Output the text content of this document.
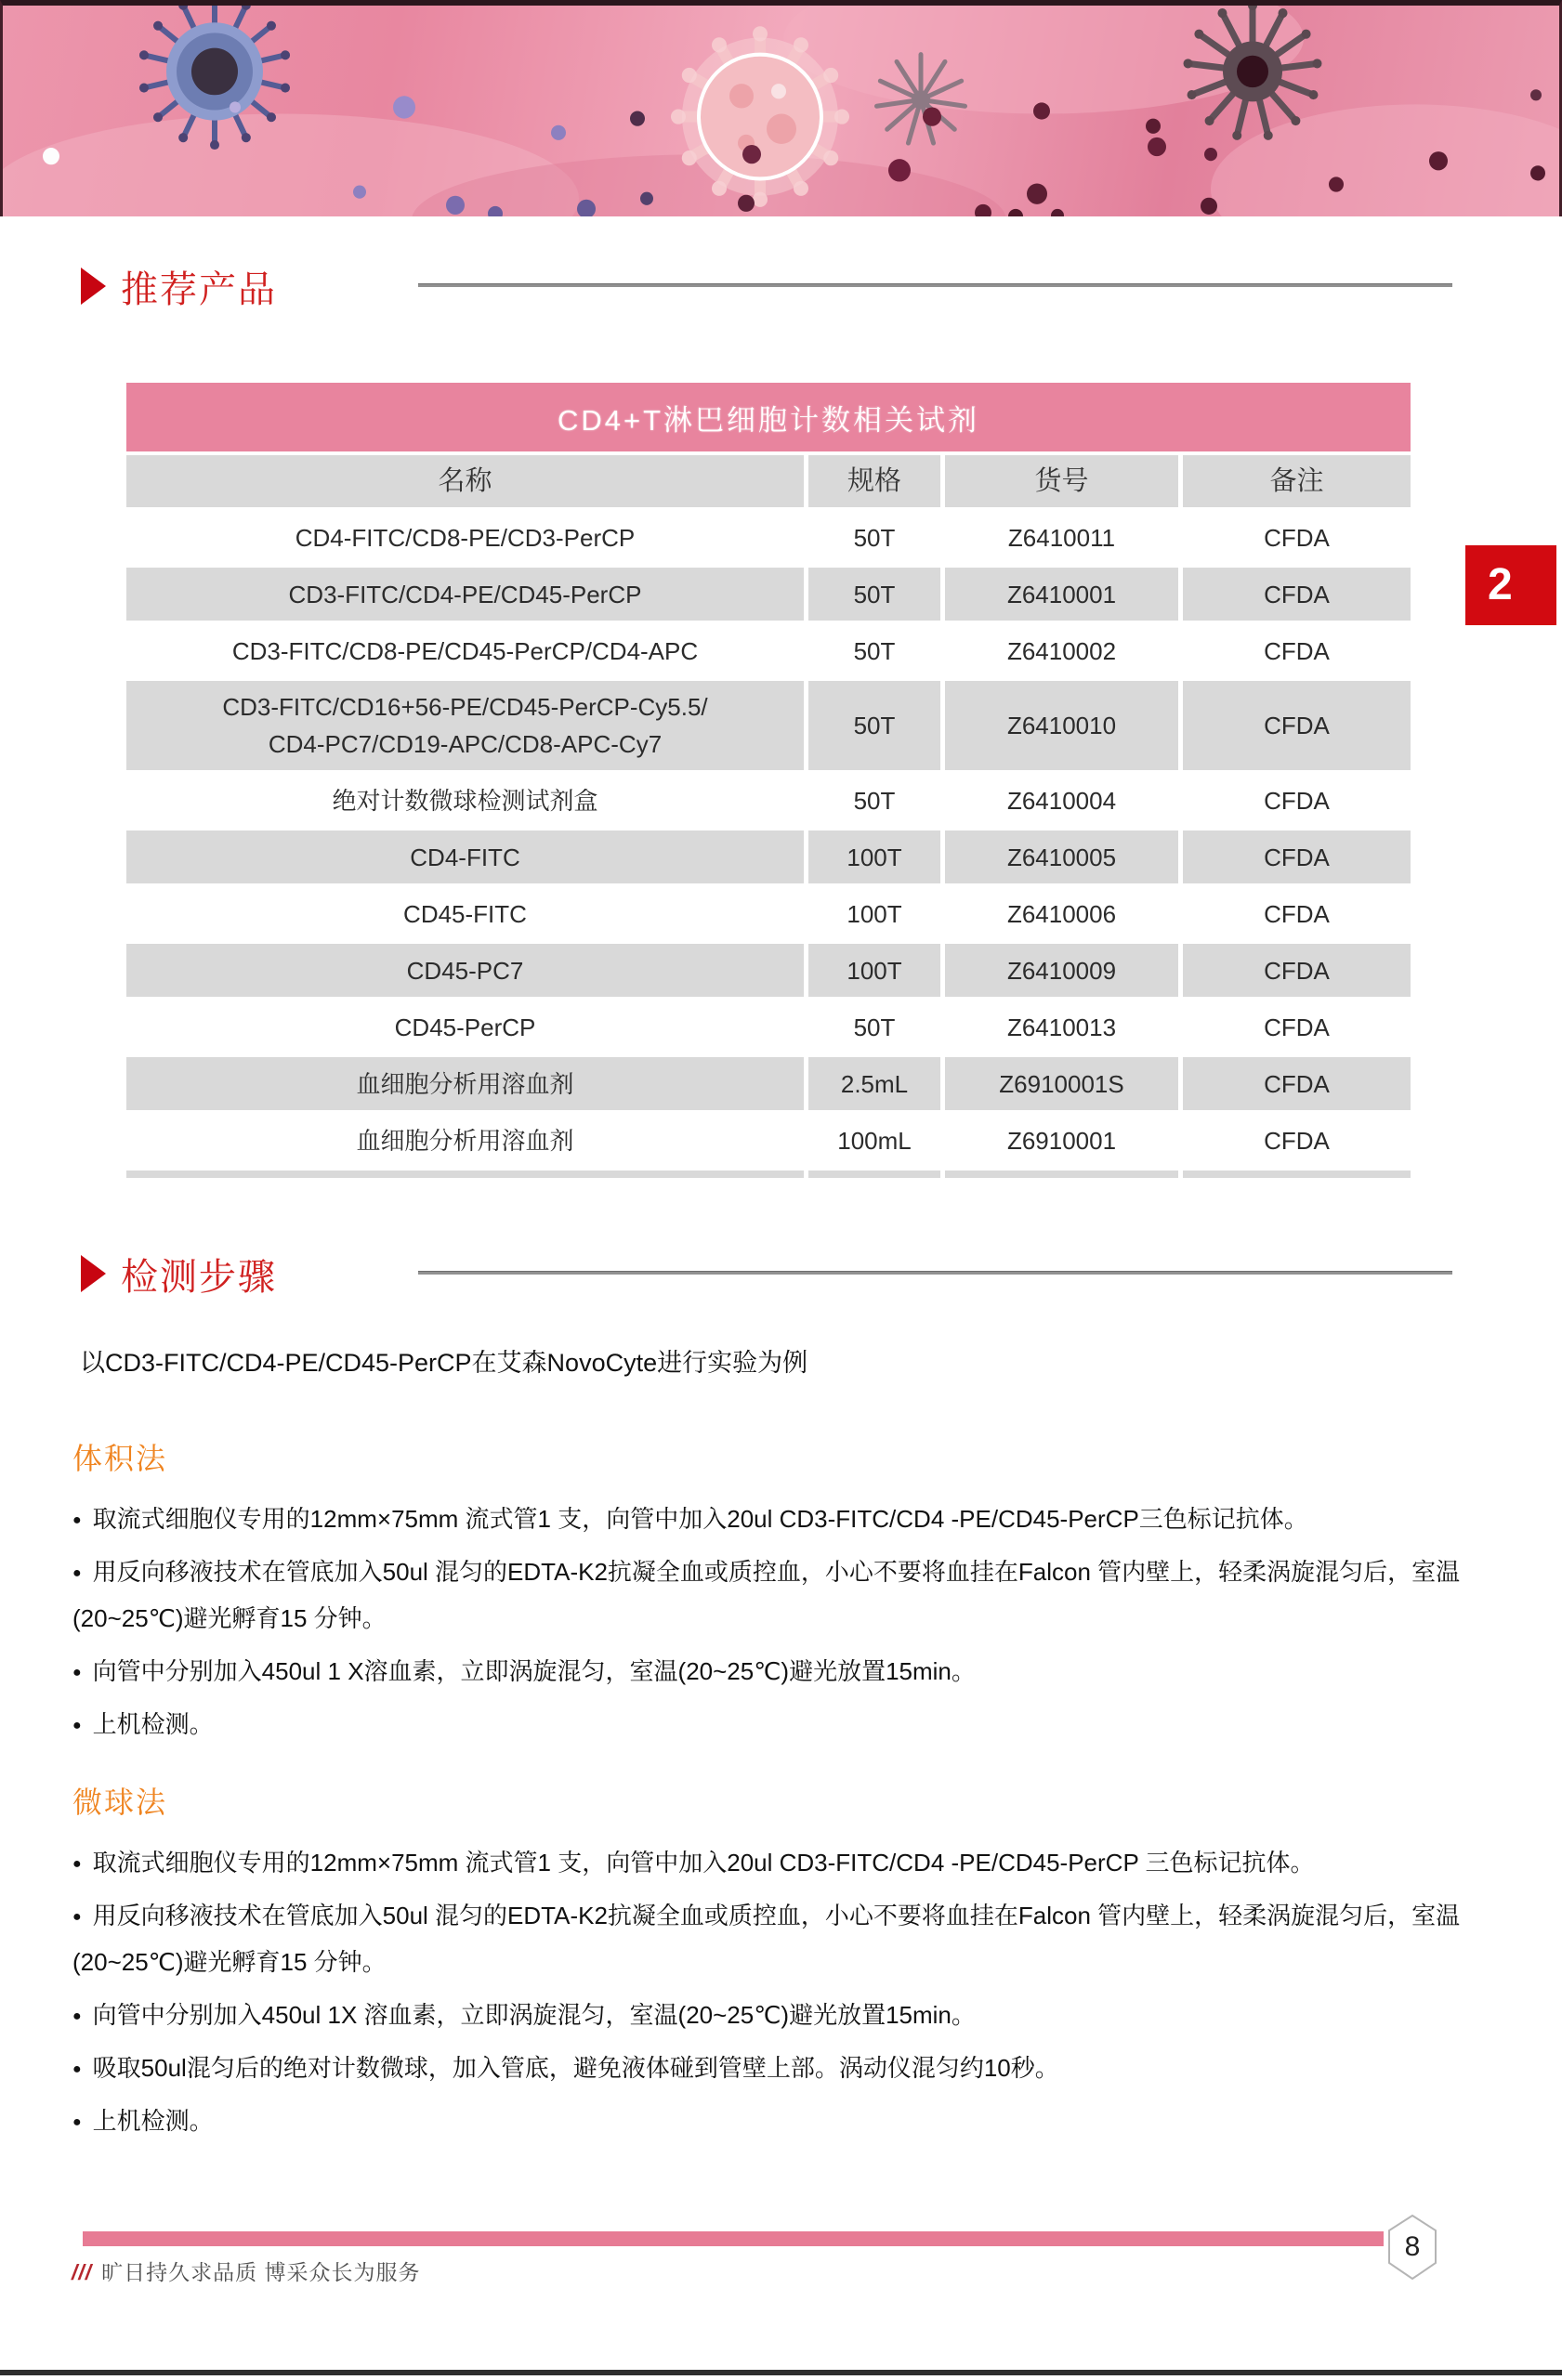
推荐产品
CD4+T淋巴细胞计数相关试剂
名称	规格	货号	备注
CD4-FITC/CD8-PE/CD3-PerCP	50T	Z6410011	CFDA
CD3-FITC/CD4-PE/CD45-PerCP	50T	Z6410001	CFDA
CD3-FITC/CD8-PE/CD45-PerCP/CD4-APC	50T	Z6410002	CFDA
CD3-FITC/CD16+56-PE/CD45-PerCP-Cy5.5/
CD4-PC7/CD19-APC/CD8-APC-Cy7
50T	Z6410010	CFDA
绝对计数微球检测试剂盒	50T	Z6410004	CFDA
CD4-FITC	100T	Z6410005	CFDA
CD45-FITC	100T	Z6410006	CFDA
CD45-PC7	100T	Z6410009	CFDA
CD45-PerCP	50T	Z6410013	CFDA
血细胞分析用溶血剂	2.5mL	Z6910001S	CFDA
血细胞分析用溶血剂	100mL	Z6910001	CFDA
2
检测步骤
以CD3-FITC/CD4-PE/CD45-PerCP在艾森NovoCyte进行实验为例
体积法
● 取流式细胞仪专用的12mm×75mm 流式管1 支，向管中加入20ul CD3-FITC/CD4 -PE/CD45-PerCP三色标记抗体。
● 用反向移液技术在管底加入50ul 混匀的EDTA-K2抗凝全血或质控血，小心不要将血挂在Falcon 管内壁上，轻柔涡旋混匀后，室温
(20~25℃)避光孵育15 分钟。
● 向管中分别加入450ul 1 X溶血素，立即涡旋混匀，室温(20~25℃)避光放置15min。
● 上机检测。
微球法
● 取流式细胞仪专用的12mm×75mm 流式管1 支，向管中加入20ul CD3-FITC/CD4 -PE/CD45-PerCP 三色标记抗体。
● 用反向移液技术在管底加入50ul 混匀的EDTA-K2抗凝全血或质控血，小心不要将血挂在Falcon 管内壁上，轻柔涡旋混匀后，室温
(20~25℃)避光孵育15 分钟。
● 向管中分别加入450ul 1X 溶血素，立即涡旋混匀，室温(20~25℃)避光放置15min。
● 吸取50ul混匀后的绝对计数微球，加入管底，避免液体碰到管壁上部。涡动仪混匀约10秒。
● 上机检测。
8
/// 旷日持久求品质 博采众长为服务
